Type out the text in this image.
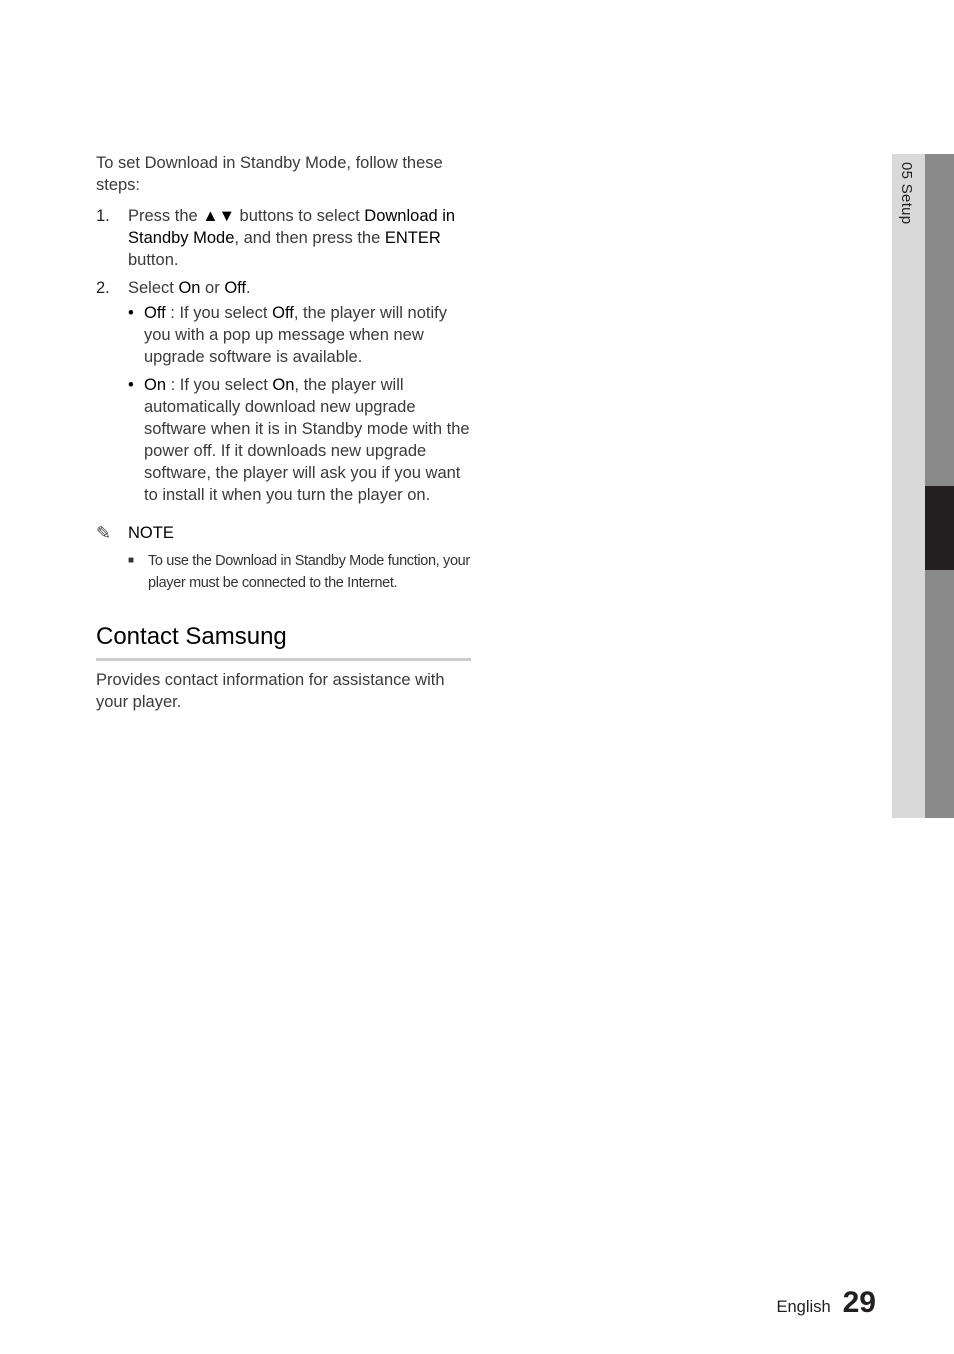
To set Download in Standby Mode, follow these steps:

1.	Press the ▲▼ buttons to select Download in Standby Mode, and then press the ENTER button.
2.	Select On or Off.
• Off : If you select Off, the player will notify you with a pop up message when new upgrade software is available.
• On : If you select On, the player will automatically download new upgrade software when it is in Standby mode with the power off. If it downloads new upgrade software, the player will ask you if you want to install it when you turn the player on.
✎	NOTE
■ To use the Download in Standby Mode function, your player must be connected to the Internet.
Contact Samsung

Provides contact information for assistance with your player.

05 Setup
English 29
